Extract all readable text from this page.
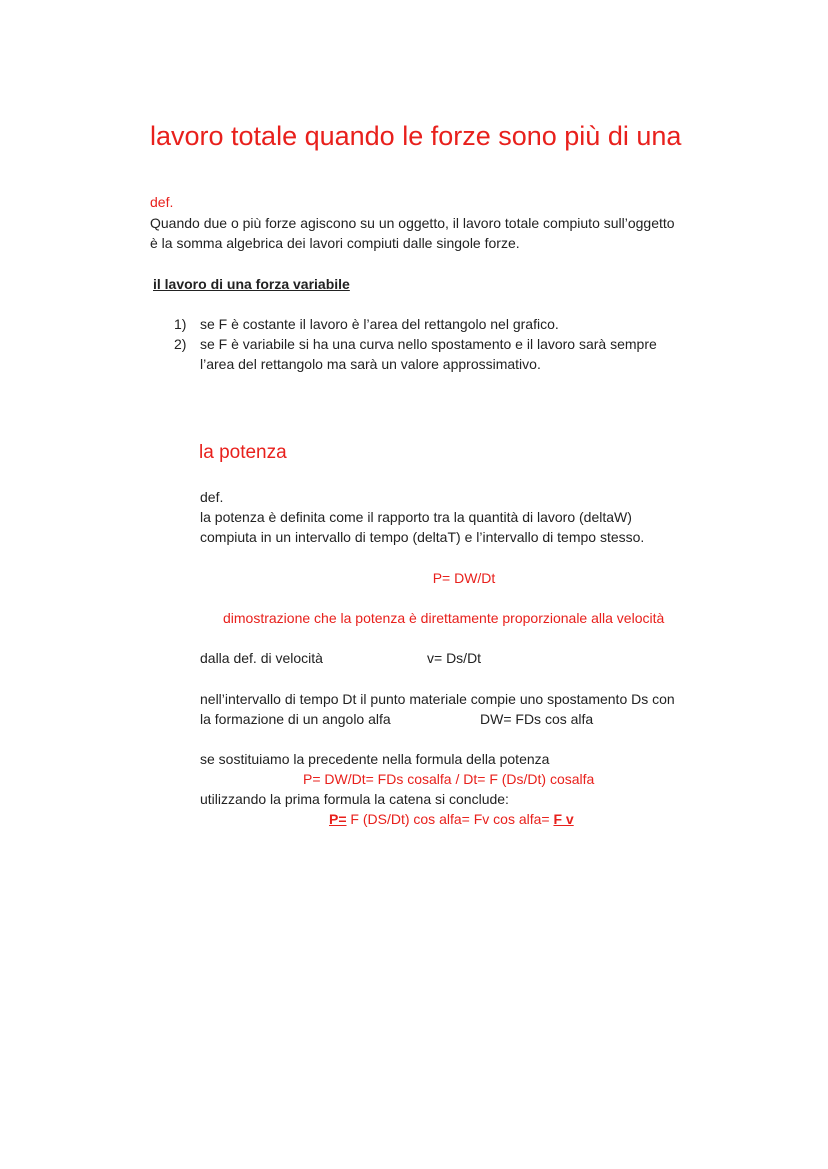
lavoro totale quando le forze sono più di una
def.
Quando due o più forze agiscono su un oggetto, il lavoro totale compiuto sull’oggetto
è la somma algebrica dei lavori compiuti dalle singole forze.
il lavoro di una forza variabile
1) se F è costante il lavoro è l’area del rettangolo nel grafico.
2) se F è variabile si ha una curva nello spostamento e il lavoro sarà sempre
l’area del rettangolo ma sarà un valore approssimativo.
la potenza
def.
la potenza è definita come il rapporto tra la quantità di lavoro (deltaW)
compiuta in un intervallo di tempo (deltaT) e l’intervallo di tempo stesso.
P= DW/Dt
dimostrazione che la potenza è direttamente proporzionale alla velocità
dalla def. di velocità	v= Ds/Dt
nell’intervallo di tempo Dt il punto materiale compie uno spostamento Ds con
la formazione di un angolo alfa	DW= FDs cos alfa
se sostituiamo la precedente nella formula della potenza
P= DW/Dt= FDs cosalfa / Dt= F (Ds/Dt) cosalfa
utilizzando la prima formula la catena si conclude:
P= F (DS/Dt) cos alfa= Fv cos alfa= F v
